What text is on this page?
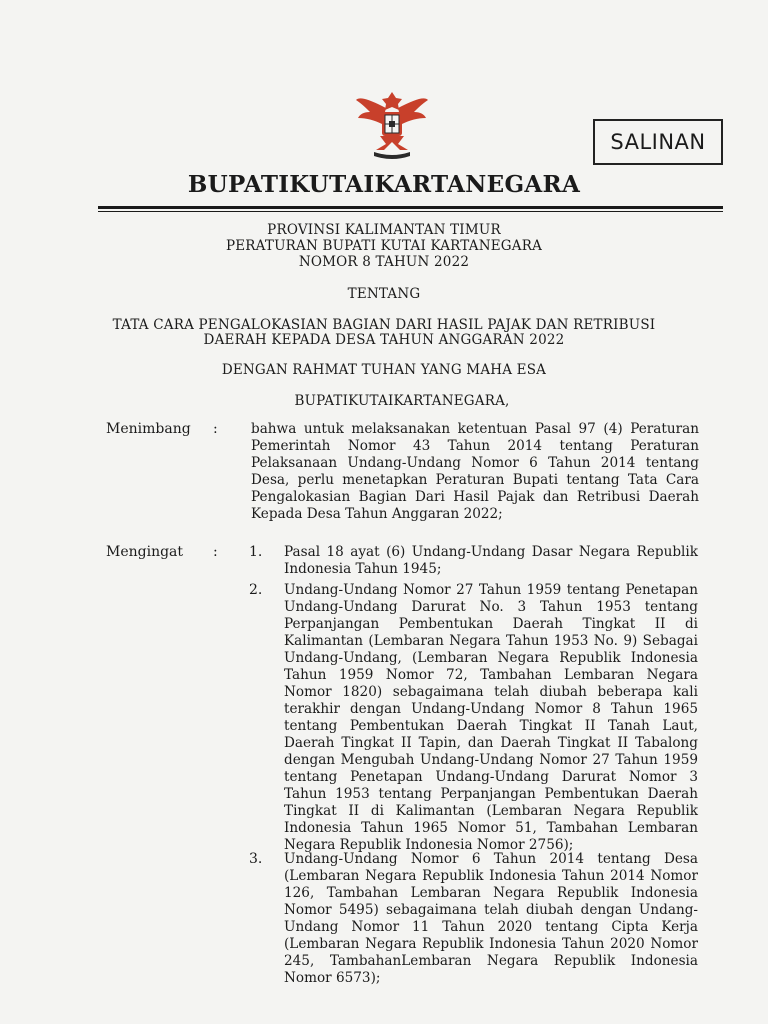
SALINAN
BUPATIKUTAIKARTANEGARA
PROVINSI KALIMANTAN TIMUR
PERATURAN BUPATI KUTAI KARTANEGARA
NOMOR 8 TAHUN 2022
TENTANG
TATA CARA PENGALOKASIAN BAGIAN DARI HASIL PAJAK DAN RETRIBUSI
DAERAH KEPADA DESA TAHUN ANGGARAN 2022
DENGAN RAHMAT TUHAN YANG MAHA ESA
BUPATIKUTAIKARTANEGARA,
Menimbang : bahwa untuk melaksanakan ketentuan Pasal 97 (4) Peraturan Pemerintah Nomor 43 Tahun 2014 tentang Peraturan Pelaksanaan Undang-Undang Nomor 6 Tahun 2014 tentang Desa, perlu menetapkan Peraturan Bupati tentang Tata Cara Pengalokasian Bagian Dari Hasil Pajak dan Retribusi Daerah Kepada Desa Tahun Anggaran 2022;
Mengingat : 1. Pasal 18 ayat (6) Undang-Undang Dasar Negara Republik Indonesia Tahun 1945;
2. Undang-Undang Nomor 27 Tahun 1959 tentang Penetapan Undang-Undang Darurat No. 3 Tahun 1953 tentang Perpanjangan Pembentukan Daerah Tingkat II di Kalimantan (Lembaran Negara Tahun 1953 No. 9) Sebagai Undang-Undang, (Lembaran Negara Republik Indonesia Tahun 1959 Nomor 72, Tambahan Lembaran Negara Nomor 1820) sebagaimana telah diubah beberapa kali terakhir dengan Undang-Undang Nomor 8 Tahun 1965 tentang Pembentukan Daerah Tingkat II Tanah Laut, Daerah Tingkat II Tapin, dan Daerah Tingkat II Tabalong dengan Mengubah Undang-Undang Nomor 27 Tahun 1959 tentang Penetapan Undang-Undang Darurat Nomor 3 Tahun 1953 tentang Perpanjangan Pembentukan Daerah Tingkat II di Kalimantan (Lembaran Negara Republik Indonesia Tahun 1965 Nomor 51, Tambahan Lembaran Negara Republik Indonesia Nomor 2756);
3. Undang-Undang Nomor 6 Tahun 2014 tentang Desa (Lembaran Negara Republik Indonesia Tahun 2014 Nomor 126, Tambahan Lembaran Negara Republik Indonesia Nomor 5495) sebagaimana telah diubah dengan Undang-Undang Nomor 11 Tahun 2020 tentang Cipta Kerja (Lembaran Negara Republik Indonesia Tahun 2020 Nomor 245, TambahanLembaran Negara Republik Indonesia Nomor 6573);
